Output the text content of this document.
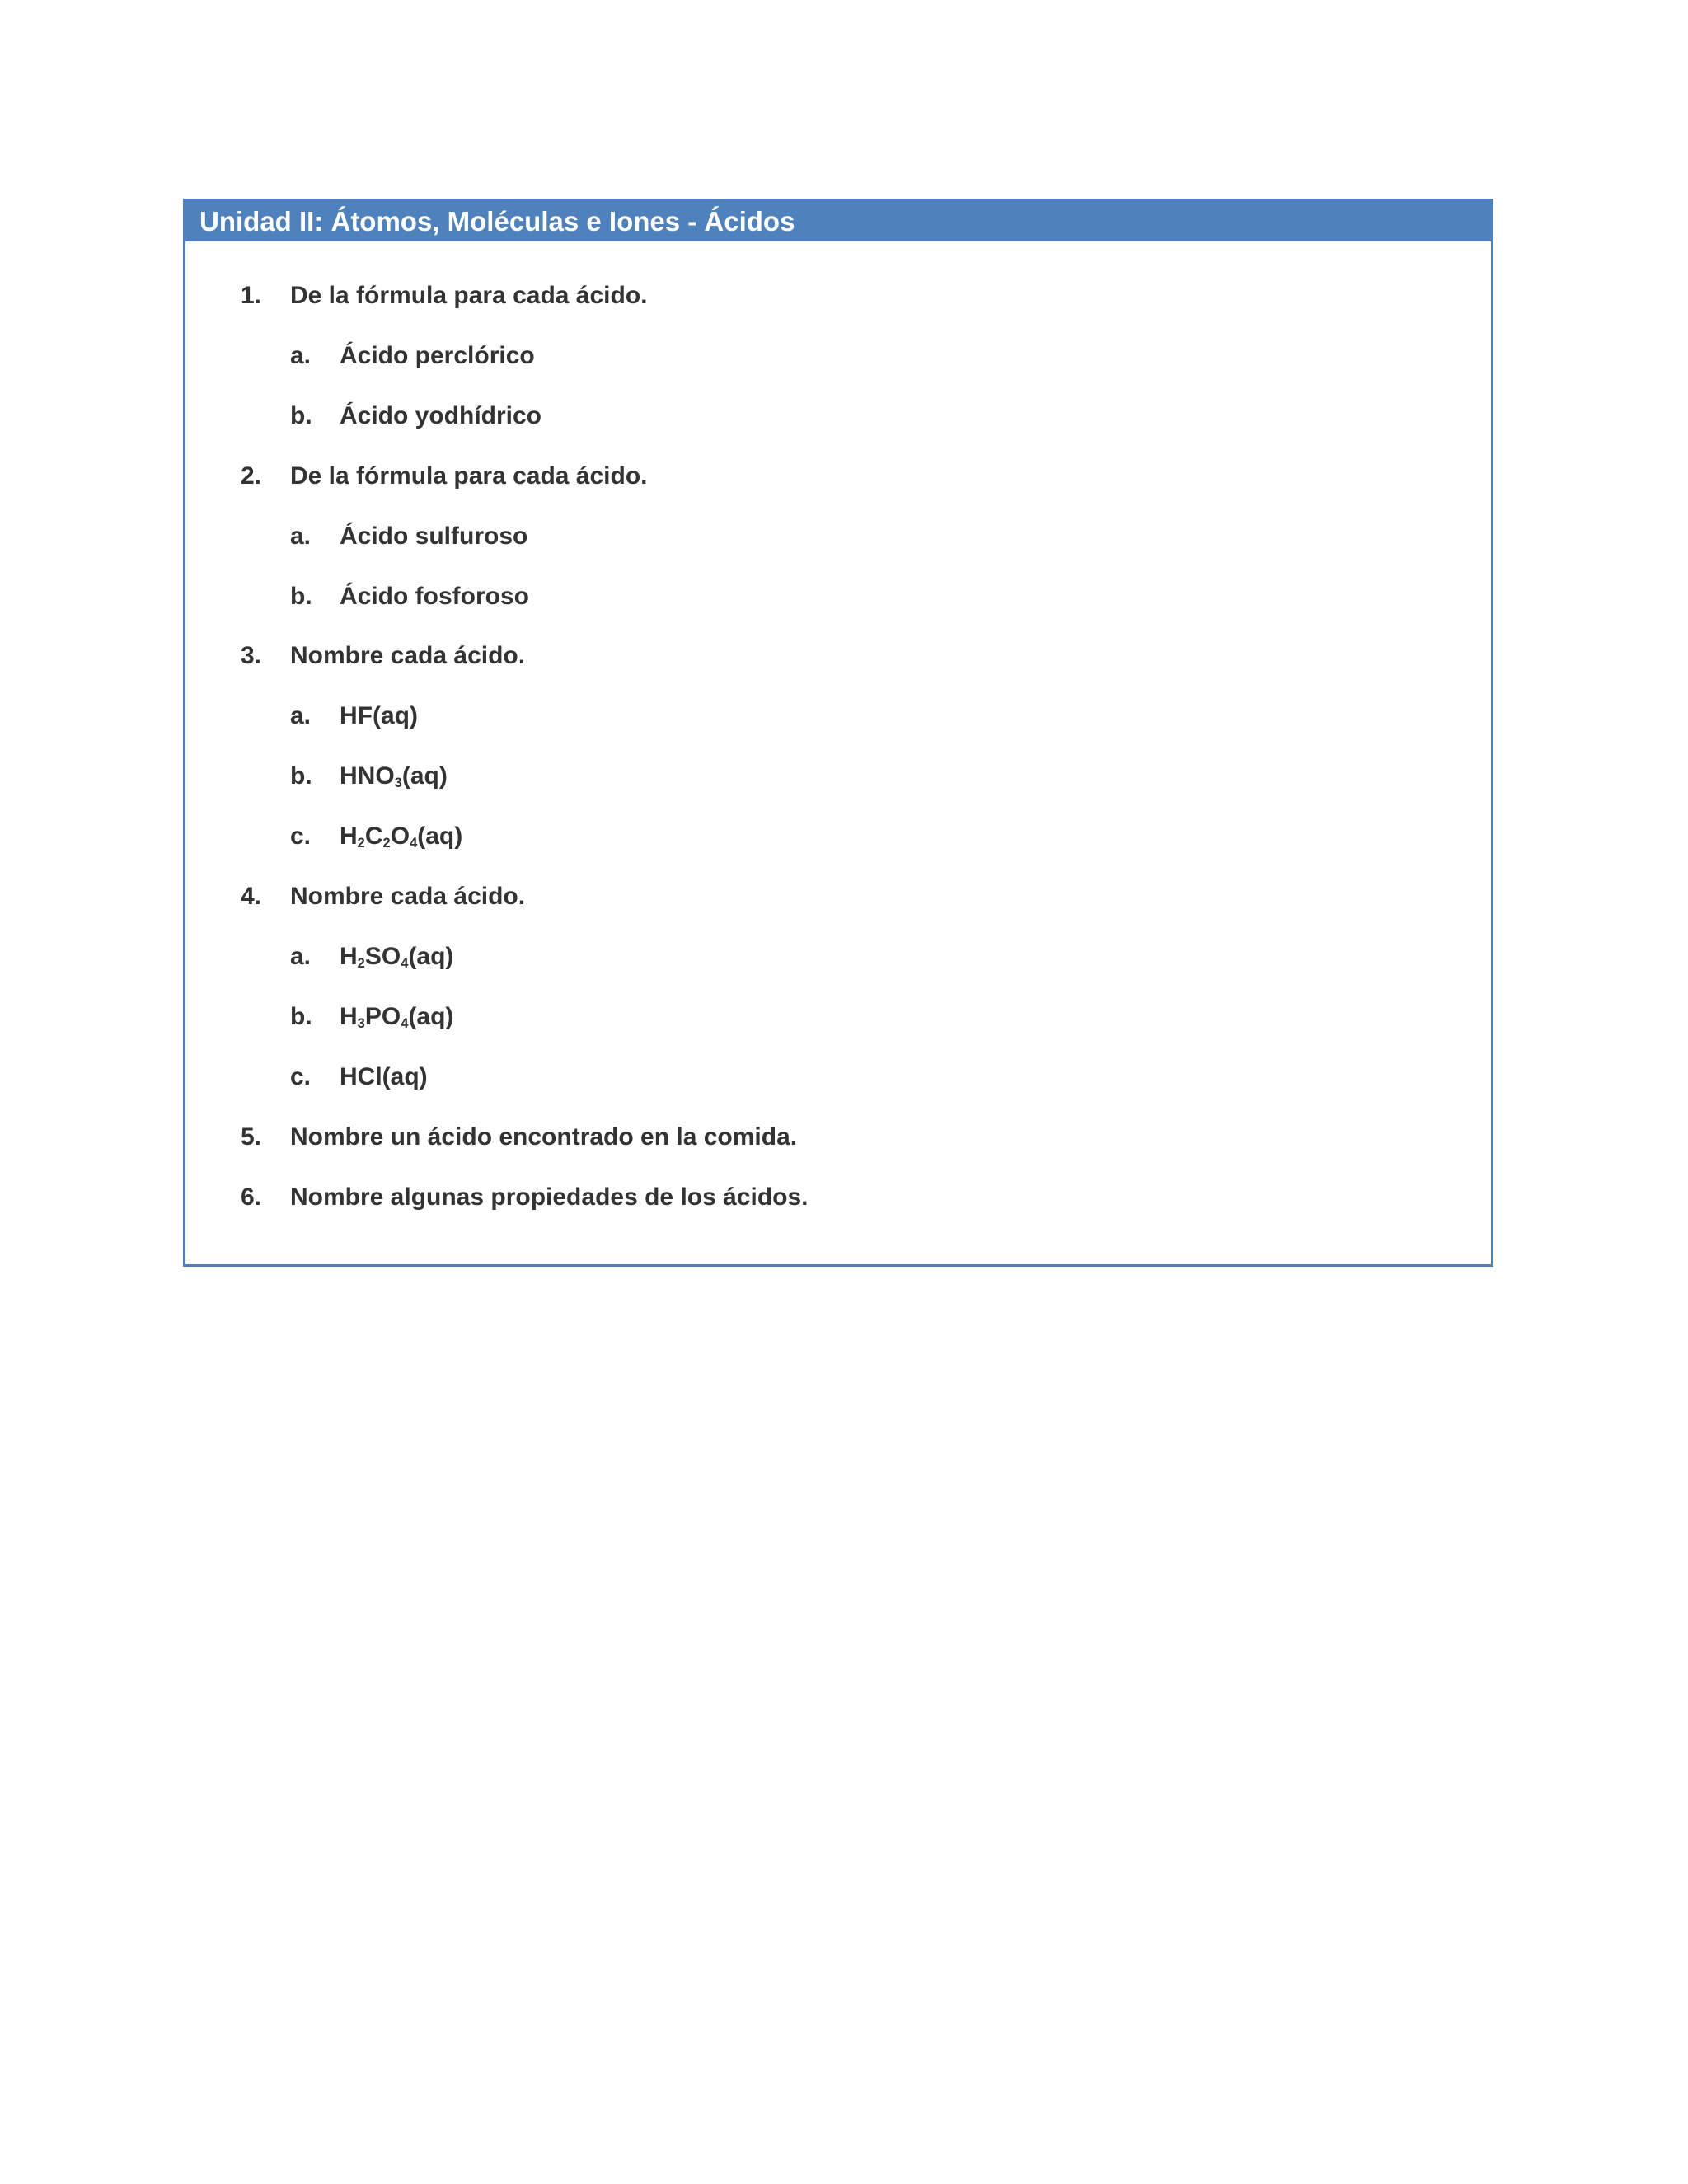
Unidad II: Átomos, Moléculas e Iones - Ácidos
1. De la fórmula para cada ácido.
a. Ácido perclórico
b. Ácido yodhídrico
2. De la fórmula para cada ácido.
a. Ácido sulfuroso
b. Ácido fosforoso
3. Nombre cada ácido.
a. HF(aq)
b. $HNO_3(aq)$
c. $H_2C_2O_4(aq)$
4. Nombre cada ácido.
a. $H_2SO_4(aq)$
b. $H_3PO_4(aq)$
c. HCl(aq)
5. Nombre un ácido encontrado en la comida.
6. Nombre algunas propiedades de los ácidos.
